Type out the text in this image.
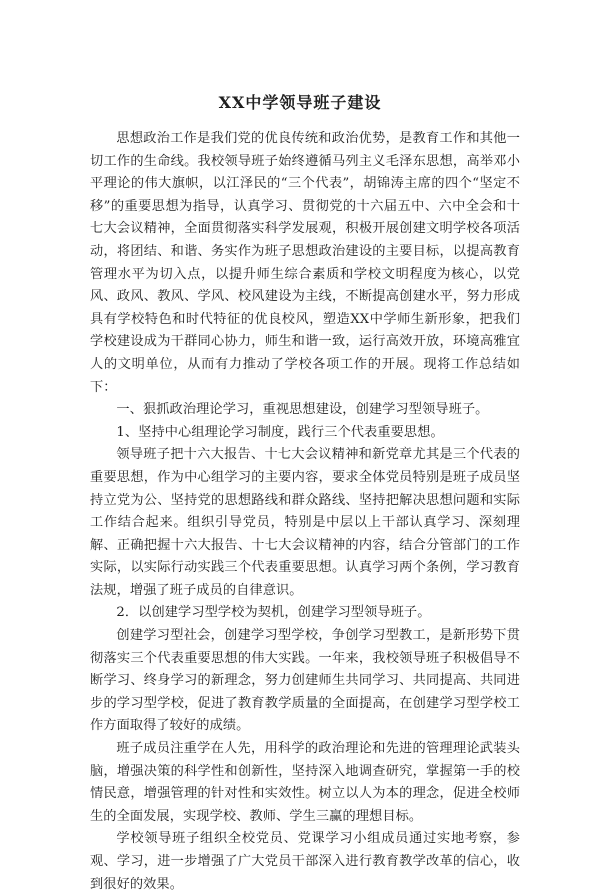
XX中学领导班子建设

思想政治工作是我们党的优良传统和政治优势，是教育工作和其他一切工作的生命线。我校领导班子始终遵循马列主义毛泽东思想，高举邓小平理论的伟大旗帜，以江泽民的“三个代表”，胡锦涛主席的四个“坚定不移”的重要思想为指导，认真学习、贯彻党的十六届五中、六中全会和十七大会议精神，全面贯彻落实科学发展观，积极开展创建文明学校各项活动，将团结、和谐、务实作为班子思想政治建设的主要目标，以提高教育管理水平为切入点，以提升师生综合素质和学校文明程度为核心，以党风、政风、教风、学风、校风建设为主线，不断提高创建水平，努力形成具有学校特色和时代特征的优良校风，塑造XX中学师生新形象，把我们学校建设成为干群同心协力，师生和谐一致，运行高效开放，环境高雅宜人的文明单位，从而有力推动了学校各项工作的开展。现将工作总结如下：

一、狠抓政治理论学习，重视思想建设，创建学习型领导班子。

1、坚持中心组理论学习制度，践行三个代表重要思想。

领导班子把十六大报告、十七大会议精神和新党章尤其是三个代表的重要思想，作为中心组学习的主要内容，要求全体党员特别是班子成员坚持立党为公、坚持党的思想路线和群众路线、坚持把解决思想问题和实际工作结合起来。组织引导党员，特别是中层以上干部认真学习、深刻理解、正确把握十六大报告、十七大会议精神的内容，结合分管部门的工作实际，以实际行动实践三个代表重要思想。认真学习两个条例，学习教育法规，增强了班子成员的自律意识。

2．以创建学习型学校为契机，创建学习型领导班子。

创建学习型社会，创建学习型学校，争创学习型教工，是新形势下贯彻落实三个代表重要思想的伟大实践。一年来，我校领导班子积极倡导不断学习、终身学习的新理念，努力创建师生共同学习、共同提高、共同进步的学习型学校，促进了教育教学质量的全面提高，在创建学习型学校工作方面取得了较好的成绩。

班子成员注重学在人先，用科学的政治理论和先进的管理理论武装头脑，增强决策的科学性和创新性，坚持深入地调查研究，掌握第一手的校情民意，增强管理的针对性和实效性。树立以人为本的理念，促进全校师生的全面发展，实现学校、教师、学生三赢的理想目标。

学校领导班子组织全校党员、党课学习小组成员通过实地考察，参观、学习，进一步增强了广大党员干部深入进行教育教学改革的信心，收到很好的效果。
